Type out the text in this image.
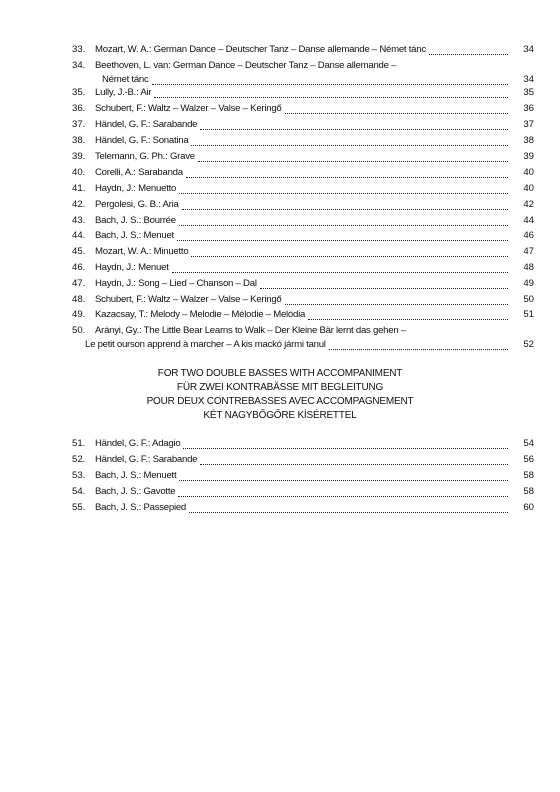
33.	Mozart, W. A.: German Dance – Deutscher Tanz – Danse allemande – Német tánc	34
34.	Beethoven, L. van: German Dance – Deutscher Tanz – Danse allemande –
Német tánc	34
35.	Lully, J.-B.: Air	35
36.	Schubert, F.: Waltz – Walzer – Valse – Keringő	36
37.	Händel, G. F.: Sarabande	37
38.	Händel, G. F.: Sonatina	38
39.	Telemann, G. Ph.: Grave	39
40.	Corelli, A.: Sarabanda	40
41.	Haydn, J.: Menuetto	40
42.	Pergolesi, G. B.: Aria	42
43.	Bach, J. S.: Bourrée	44
44.	Bach, J. S.: Menuet	46
45.	Mozart, W. A.: Minuetto	47
46.	Haydn, J.: Menuet	48
47.	Haydn, J.: Song – Lied – Chanson – Dal	49
48.	Schubert, F.: Waltz – Walzer – Valse – Keringő	50
49.	Kazacsay, T.: Melody – Melodie – Mélodie – Melódia	51
50.	Arányi, Gy.: The Little Bear Learns to Walk – Der Kleine Bär lernt das gehen –
Le petit ourson apprend à marcher – A kis mackó jármi tanul	52
FOR TWO DOUBLE BASSES WITH ACCOMPANIMENT
FÜR ZWEI KONTRABÄSSE MIT BEGLEITUNG
POUR DEUX CONTREBASSES AVEC ACCOMPAGNEMENT
KÉT NAGYBŐGŐRE KÍSÉRETTEL
51.	Händel, G. F.: Adagio	54
52.	Händel, G. F.: Sarabande	56
53.	Bach, J. S.: Menuett	58
54.	Bach, J. S.: Gavotte	58
55.	Bach, J. S.: Passepied	60
